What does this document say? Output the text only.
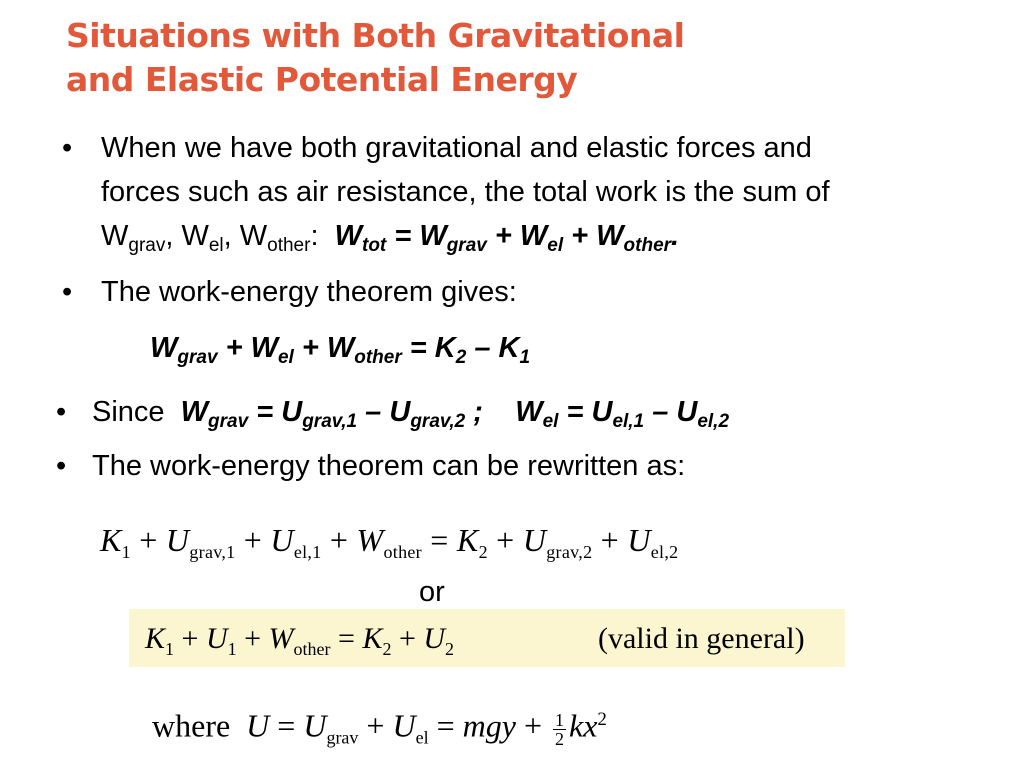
Situations with Both Gravitational
and Elastic Potential Energy
• When we have both gravitational and elastic forces and
forces such as air resistance, the total work is the sum of
$W_{grav}$, $W_{el}$, $W_{other}$:  $W_{tot} = W_{grav} + W_{el} + W_{other}$.
• The work-energy theorem gives:
$W_{grav} + W_{el} + W_{other} = K_2 - K_1$
• Since $W_{grav} = U_{grav,1} - U_{grav,2}$ ;    $W_{el} = U_{el,1} - U_{el,2}$
• The work-energy theorem can be rewritten as:
$K_1 + U_{grav,1} + U_{el,1} + W_{other} = K_2 + U_{grav,2} + U_{el,2}$
or
$K_1 + U_1 + W_{other} = K_2 + U_2$	(valid in general)
where $U = U_{grav} + U_{el}$ = mgy + $\frac{1}{2} kx^2$
